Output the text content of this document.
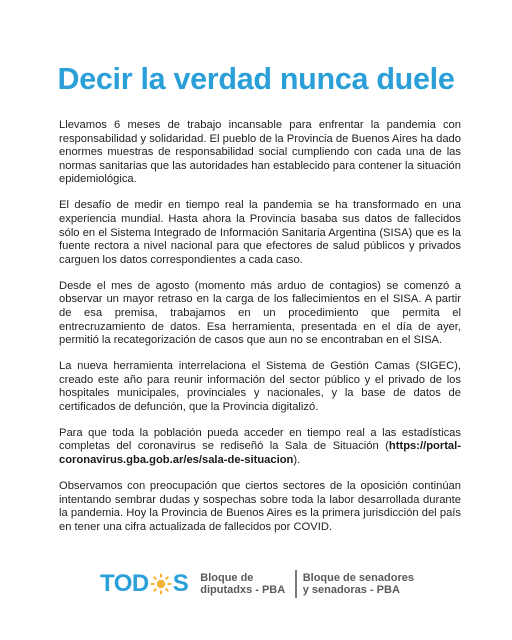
Decir la verdad nunca duele

Llevamos 6 meses de trabajo incansable para enfrentar la pandemia con responsabilidad y solidaridad. El pueblo de la Provincia de Buenos Aires ha dado enormes muestras de responsabilidad social cumpliendo con cada una de las normas sanitarias que las autoridades han establecido para contener la situación epidemiológica.

El desafío de medir en tiempo real la pandemia se ha transformado en una experiencia mundial. Hasta ahora la Provincia basaba sus datos de fallecidos sólo en el Sistema Integrado de Información Sanitaria Argentina (SISA) que es la fuente rectora a nivel nacional para que efectores de salud públicos y privados carguen los datos correspondientes a cada caso.

Desde el mes de agosto (momento más arduo de contagios) se comenzó a observar un mayor retraso en la carga de los fallecimientos en el SISA. A partir de esa premisa, trabajamos en un procedimiento que permita el entrecruzamiento de datos. Esa herramienta, presentada en el día de ayer, permitió la recategorización de casos que aun no se encontraban en el SISA.

La nueva herramienta interrelaciona el Sistema de Gestión Camas (SIGEC), creado este año para reunir información del sector público y el privado de los hospitales municipales, provinciales y nacionales, y la base de datos de certificados de defunción, que la Provincia digitalizó.

Para que toda la población pueda acceder en tiempo real a las estadísticas completas del coronavirus se rediseñó la Sala de Situación (https://portal-coronavirus.gba.gob.ar/es/sala-de-situacion).

Observamos con preocupación que ciertos sectores de la oposición continúan intentando sembrar dudas y sospechas sobre toda la labor desarrollada durante la pandemia. Hoy la Provincia de Buenos Aires es la primera jurisdicción del país en tener una cifra actualizada de fallecidos por COVID.

TOD S Bloque de
diputadxs - PBA
Bloque de senadores
y senadoras - PBA
